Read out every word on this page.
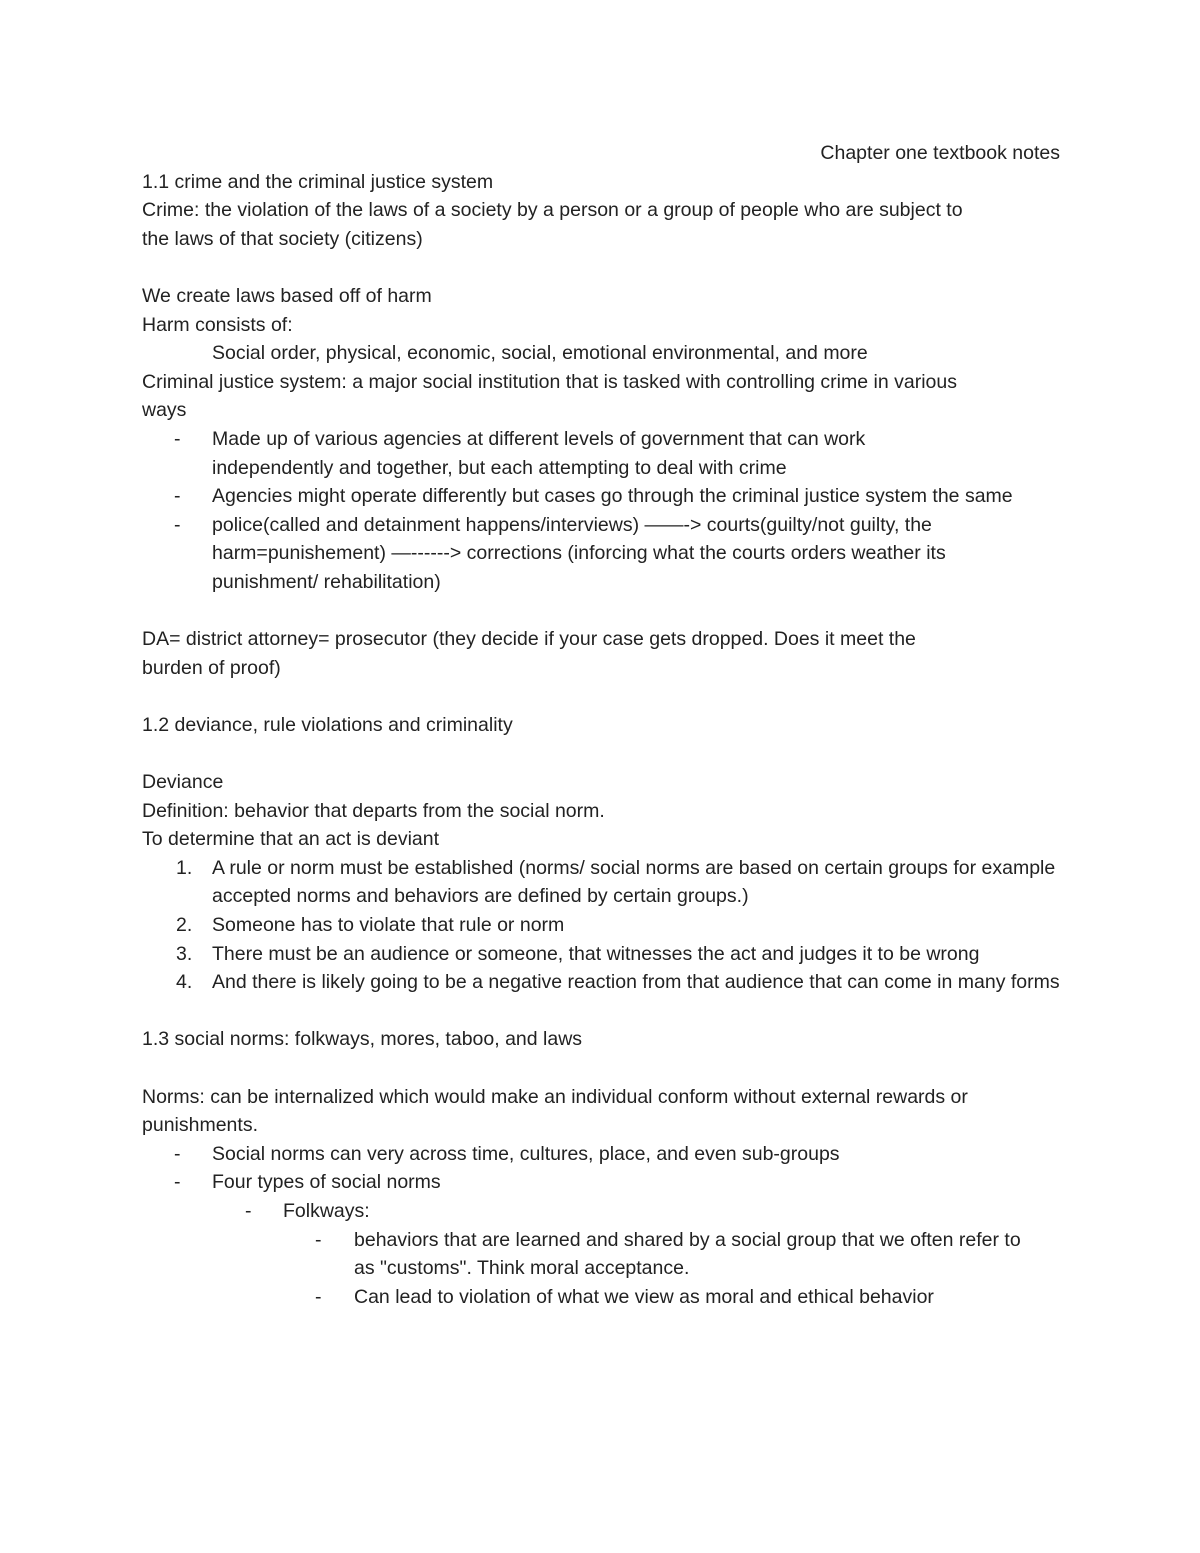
Chapter one textbook notes

1.1 crime and the criminal justice system

Crime: the violation of the laws of a society by a person or a group of people who are subject to

the laws of that society (citizens)

We create laws based off of harm

Harm consists of:

Social order, physical, economic, social, emotional environmental, and more

Criminal justice system: a major social institution that is tasked with controlling crime in various

ways

-	Made up of various agencies at different levels of government that can work independently and together, but each attempting to deal with crime
-	Agencies might operate differently but cases go through the criminal justice system the same
-	police(called and detainment happens/interviews) ——-> courts(guilty/not guilty, the harm=punishement) —------> corrections (inforcing what the courts orders weather its punishment/ rehabilitation)

DA= district attorney= prosecutor (they decide if your case gets dropped. Does it meet the

burden of proof)

1.2 deviance, rule violations and criminality

Deviance

Definition: behavior that departs from the social norm.

To determine that an act is deviant

1.	A rule or norm must be established (norms/ social norms are based on certain groups for example accepted norms and behaviors are defined by certain groups.)
2.	Someone has to violate that rule or norm
3.	There must be an audience or someone, that witnesses the act and judges it to be wrong
4.	And there is likely going to be a negative reaction from that audience that can come in many forms

1.3 social norms: folkways, mores, taboo, and laws

Norms: can be internalized which would make an individual conform without external rewards or

punishments.

-	Social norms can very across time, cultures, place, and even sub-groups
-	Four types of social norms
-	Folkways:
-	behaviors that are learned and shared by a social group that we often refer to as "customs". Think moral acceptance.
-	Can lead to violation of what we view as moral and ethical behavior
